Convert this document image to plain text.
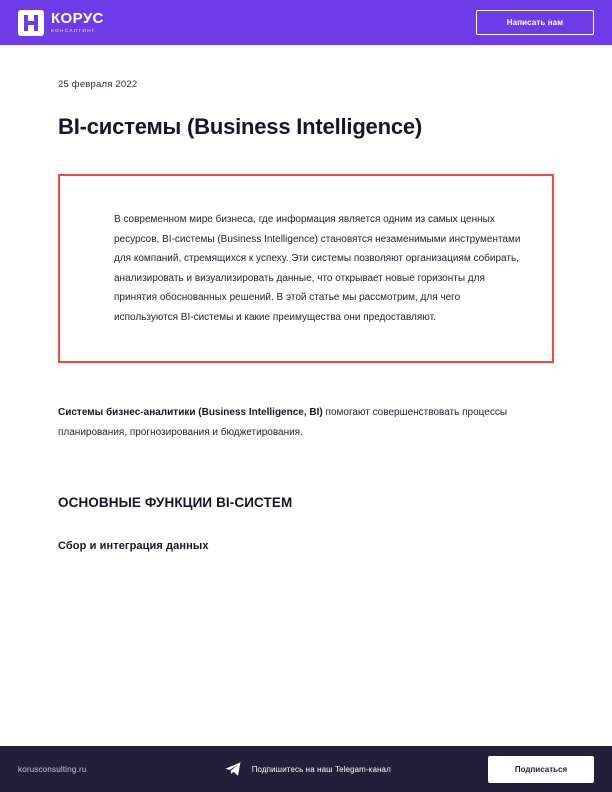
КОРУС
КОНСАЛТИНГ
Написать нам
25 февраля 2022
BI-системы (Business Intelligence)

В современном мире бизнеса, где информация является одним из самых ценных ресурсов, BI-системы (Business Intelligence) становятся незаменимыми инструментами для компаний, стремящихся к успеху. Эти системы позволяют организациям собирать, анализировать и визуализировать данные, что открывает новые горизонты для принятия обоснованных решений. В этой статье мы рассмотрим, для чего используются BI-системы и какие преимущества они предоставляют.

Системы бизнес-аналитики (Business Intelligence, BI) помогают совершенствовать процессы планирования, прогнозирования и бюджетирования.

ОСНОВНЫЕ ФУНКЦИИ BI-СИСТЕМ
Сбор и интеграция данных
korusconsulting.ru	Подпишитесь на наш Telegam-канал	Подписаться
